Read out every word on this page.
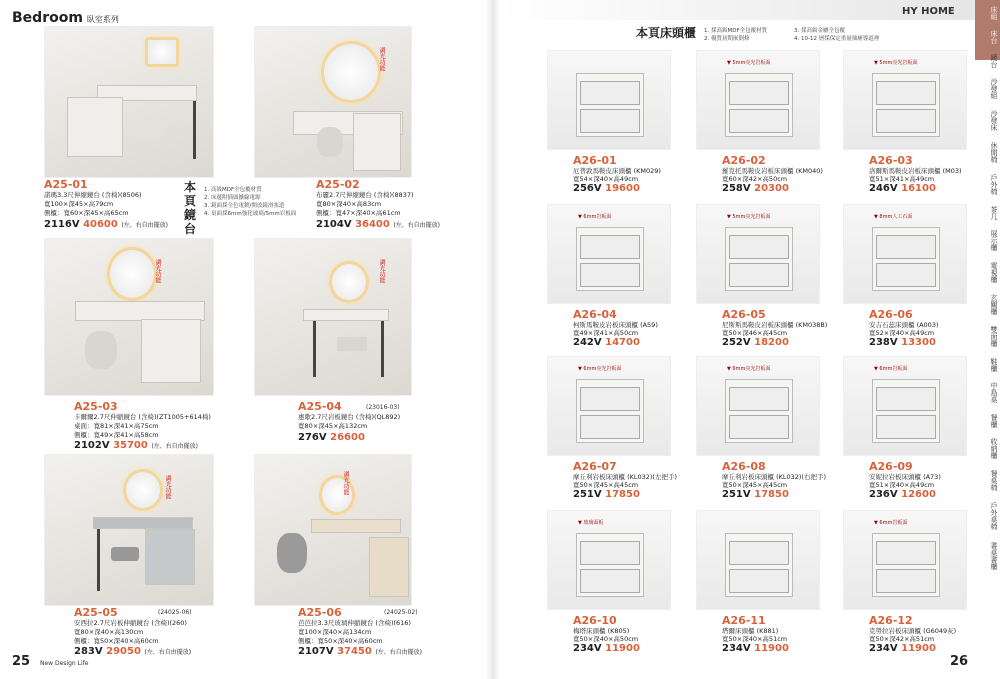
Bedroom 臥室系列
HY HOME
調光功能
調光功能	調光功能
調光功能	調光功能
A25-01
諾瑪3.3尺伸縮鏡台 (含椅)(8506)
寬100×深45×高79cm
側櫃：寬60×深45×高65cm
2116V 40600 (左、右自由擺放)
本頁鏡台
1. 高級MDF全包覆材質
2. 床邊附插頭擴線電源
3. 鏡面採全色電鍍/開放鏡滑塞道
4. 桌面採6mm強化玻璃/5mm岩板面
A25-02
布麗2.7尺伸縮鏡台 (含椅)(8837)
寬80×深40×高83cm
側櫃：寬47×深40×高61cm
2104V 36400 (左、右自由擺放)
A25-03
卡爾爾2.7尺伸縮鏡台 (含椅)(ZT1005+614椅)
桌面：寬81×深41×高75cm
側櫃：寬49×深41×高58cm
2102V 35700 (左、右自由擺放)
A25-04	(23016-03)
惠歌2.7尺岩板鏡台 (含椅)(QL892)
寬80×深45×高132cm
276V 26600
A25-05	(24025-06)
安西拉2.7尺岩板伸縮鏡台 (含椅)(260)
寬80×深40×高130cm
側櫃：寬50×深40×高60cm
283V 29050 (左、右自由擺放)
A25-06	(24025-02)
芭芭拉3.3尺玻璃伸縮鏡台 (含椅)(616)
寬100×深40×高134cm
側櫃：寬50×深40×高60cm
2107V 37450 (左、右自由擺放)
25 New Design Life
本頁床頭櫃 1. 採高級MDF全包覆材質
2. 優質初期嵌倒條
3. 採高級金屬全包覆
4. 10-12 層採保定重量抽屜導道裡
A26-01
厄普敦馬鞍皮床頭櫃 (KM029)
寬54×深40×高49cm
256V 19600
▼ 5mm亮光岩板面
A26-02
羅克托馬鞍皮岩板床頭櫃 (KM040)
寬60×深42×高50cm
258V 20300
▼ 5mm亮光岩板面
A26-03
洛爾斯馬鞍皮岩板床頭櫃 (M03)
寬51×深41×高49cm
246V 16100
▼ 6mm岩板面
A26-04
柯斯馬鞍皮岩板床頭櫃 (A59)
寬49×深41×高50cm
242V 14700
▼ 5mm亮光岩板面
A26-05
尼斯斯馬鞍皮岩板床頭櫃 (KM038B)
寬50×深46×高45cm
252V 18200
▼ 8mm人工石面
A26-06
安吉石蕊床頭櫃 (A003)
寬52×深40×高49cm
238V 13300
▼ 6mm亮光岩板面
A26-07
摩丘利岩板床頭櫃 (KL032)(左把手)
寬50×深45×高45cm
251V 17850
▼ 6mm亮光岩板面
A26-08
摩丘利岩板床頭櫃 (KL032)(右把手)
寬50×深45×高45cm
251V 17850
▼ 6mm岩板面
A26-09
安妮拉岩板床頭櫃 (A73)
寬51×深40×高49cm
236V 12600
▼ 玻璃面板
A26-10
梅塔床頭櫃 (K805)
寬50×深40×高50cm
234V 11900
A26-11
塔爾床頭櫃 (K881)
寬50×深40×高51cm
234V 11900
▼ 6mm岩板面
A26-12
克勞拉岩板床頭櫃 (G6049灰)
寬50×深42×高51cm
234V 11900
26
床組
床台
鏡台
沙發組
沙發床
休閒椅
戶外椅
茶几
展示櫃
電視櫃
玄關櫃
雙面櫃
鞋櫃
中島桌
餐櫃
收納櫃
餐桌椅
戶外桌椅
書桌書櫃
